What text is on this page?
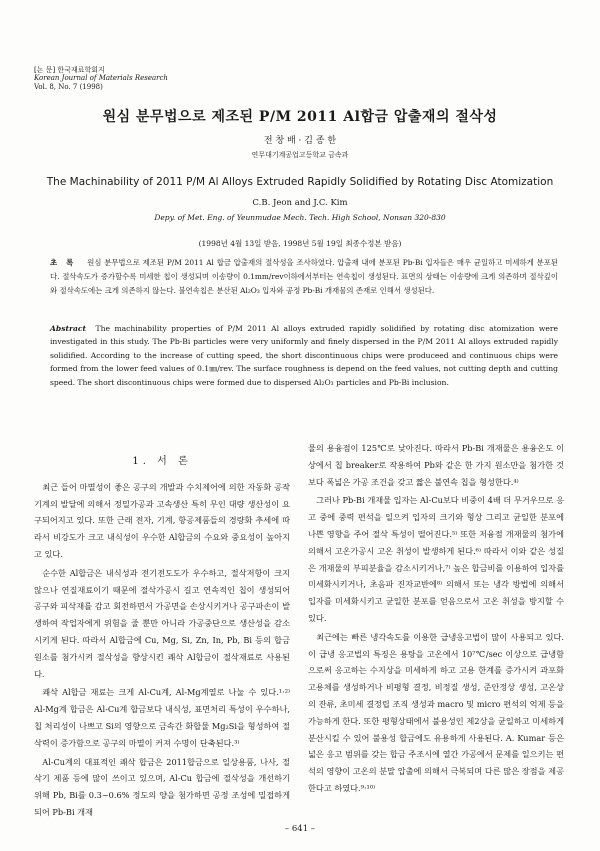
[논 문] 한국재료학회지
Korean Journal of Materials Research
Vol. 8, No. 7 (1998)
원심 분무법으로 제조된 P/M 2011 Al합금 압출재의 절삭성
전 창 배 · 김 종 한
연무대기계공업고등학교 금속과
The Machinability of 2011 P/M Al Alloys Extruded Rapidly Solidified by Rotating Disc Atomization
C.B. Jeon and J.C. Kim
Depy. of Met. Eng. of Yeunmudae Mech. Tech. High School, Nonsan 320-830
(1998년 4월 13일 받음, 1998년 5월 19일 최종수정본 받음)
초 록 원심 분무법으로 제조된 P/M 2011 Al 합금 압출재의 절삭성을 조사하였다. 압출재 내에 분포된 Pb-Bi 입자들은 매우 균일하고 미세하게 분포된다. 절삭속도가 증가할수록 미세한 칩이 생성되며 이송량이 0.1mm/rev이하에서부터는 연속칩이 생성된다. 표면의 상태는 이송량에 크게 의존하며 절삭깊이와 절삭속도에는 크게 의존하지 않는다. 불연속칩은 분산된 Al₂O₃ 입자와 공정 Pb-Bi 개재물의 존재로 인해서 생성된다.
Abstract The machinability properties of P/M 2011 Al alloys extruded rapidly solidified by rotating disc atomization were investigated in this study. The Pb-Bi particles were very uniformly and finely dispersed in the P/M 2011 Al alloys extruded rapidly solidified. According to the increase of cutting speed, the short discontinuous chips were produceed and continuous chips were formed from the lower feed values of 0.1㎜/rev. The surface roughness is depend on the feed values, not cutting depth and cutting speed. The short discontinuous chips were formed due to dispersed Al₂O₃ particles and Pb-Bi inclusion.
1. 서 론

최근 들어 마멸성이 좋은 공구의 개발과 수치제어에 의한 자동화 공작기계의 발달에 의해서 정밀가공과 고속생산 특히 무인 대량 생산성이 요구되어지고 있다. 또한 근래 전자, 기계, 항공제품들의 경량화 추세에 따라서 비강도가 크고 내식성이 우수한 Al합금의 수요와 중요성이 높아지고 있다.

순수한 Al합금은 내식성과 전기전도도가 우수하고, 절삭저항이 크지 않으나 연질재료이기 때문에 절삭가공시 길고 연속적인 칩이 생성되어 공구와 피삭재를 감고 회전하면서 가공면을 손상시키거나 공구파손이 발생하여 작업자에게 위험을 줄 뿐만 아니라 가공중단으로 생산성을 감소시키게 된다. 따라서 Al합금에 Cu, Mg, Si, Zn, In, Pb, Bi 등의 합금 원소를 첨가시켜 절삭성을 향상시킨 쾌삭 Al합금이 절삭재료로 사용된다.

쾌삭 Al합금 재료는 크게 Al-Cu계, Al-Mg계열로 나눌 수 있다.¹·²⁾ Al-Mg계 합금은 Al-Cu계 합금보다 내식성, 표면처리 특성이 우수하나, 칩 처리성이 나쁘고 Si의 영향으로 금속간 화합물 Mg₂Si을 형성하여 절삭력이 증가함으로 공구의 마멸이 커져 수명이 단축된다.³⁾

Al-Cu계의 대표적인 쾌삭 합금은 2011합금으로 일상용품, 나사, 절삭기 제품 등에 많이 쓰이고 있으며, Al-Cu 합금에 절삭성을 개선하기 위해 Pb, Bi를 0.3~0.6% 정도의 양을 첨가하면 공정 조성에 밀접하게 되어 Pb-Bi 개재

물의 용융점이 125℃로 낮아진다. 따라서 Pb-Bi 개재물은 용융온도 이상에서 칩 breaker로 작용하여 Pb와 같은 한 가지 원소만을 첨가한 것보다 폭넓은 가공 조건을 갖고 짧은 불연속 칩을 형성한다.⁴⁾

그러나 Pb-Bi 개재물 입자는 Al-Cu보다 비중이 4배 더 무거우므로 응고 중에 중력 편석을 일으켜 입자의 크기와 형상 그리고 균일한 분포에 나쁜 영향을 주어 절삭 특성이 떨어진다.⁵⁾ 또한 저융점 개재물의 첨가에 의해서 고온가공시 고온 취성이 발생하게 된다.⁶⁾ 따라서 이와 같은 성질은 개재물의 부피분율을 감소시키거나,⁷⁾ 높은 합금비를 이용하여 입자를 미세화시키거나, 초음파 진자교반에⁸⁾ 의해서 또는 냉각 방법에 의해서 입자를 미세화시키고 균일한 분포를 얻음으로서 고온 취성을 방지할 수 있다.

최근에는 빠른 냉각속도를 이용한 급냉응고법이 많이 사용되고 있다. 이 급냉 응고법의 특징은 용탕을 고온에서 10⁷℃/sec 이상으로 급냉함으로써 응고하는 수지상을 미세하게 하고 고용 한계를 증가시켜 과포화 고용체를 생성하거나 비평형 결정, 비정질 생성, 준안정상 생성, 고온상의 잔류, 초미세 결정립 조직 생성과 macro 및 micro 편석의 억제 등을 가능하게 한다. 또한 평형상태에서 불용성인 제2상을 균일하고 미세하게 분산시킬 수 있어 불용성 합금에도 유용하게 사용된다. A. Kumar 등은 넓은 응고 범위를 갖는 합금 주조시에 열간 가공에서 문제를 일으키는 편석의 영향이 고온의 분말 압출에 의해서 극복되며 다른 많은 장점을 제공한다고 하였다.⁹·¹⁰⁾

– 641 –
